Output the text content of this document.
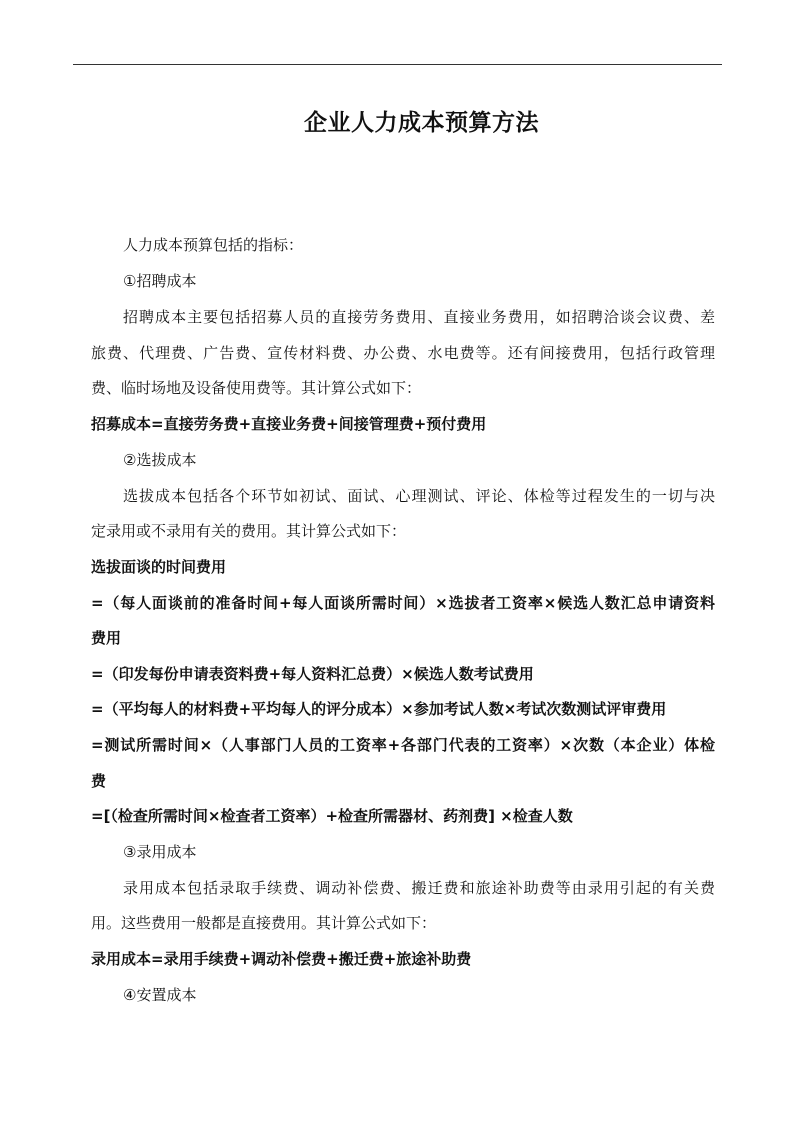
企业人力成本预算方法
人力成本预算包括的指标：
①招聘成本
招聘成本主要包括招募人员的直接劳务费用、直接业务费用，如招聘洽谈会议费、差
旅费、代理费、广告费、宣传材料费、办公费、水电费等。还有间接费用，包括行政管理
费、临时场地及设备使用费等。其计算公式如下：
招募成本=直接劳务费+直接业务费+间接管理费+预付费用
②选拔成本
选拔成本包括各个环节如初试、面试、心理测试、评论、体检等过程发生的一切与决
定录用或不录用有关的费用。其计算公式如下：
选拔面谈的时间费用
=（每人面谈前的准备时间+每人面谈所需时间）×选拔者工资率×候选人数汇总申请资料
费用
=（印发每份申请表资料费+每人资料汇总费）×候选人数考试费用
=（平均每人的材料费+平均每人的评分成本）×参加考试人数×考试次数测试评审费用
=测试所需时间×（人事部门人员的工资率+各部门代表的工资率）×次数（本企业）体检
费
=[（检查所需时间×检查者工资率）+检查所需器材、药剂费] ×检查人数
③录用成本
录用成本包括录取手续费、调动补偿费、搬迁费和旅途补助费等由录用引起的有关费
用。这些费用一般都是直接费用。其计算公式如下：
录用成本=录用手续费+调动补偿费+搬迁费+旅途补助费
④安置成本
